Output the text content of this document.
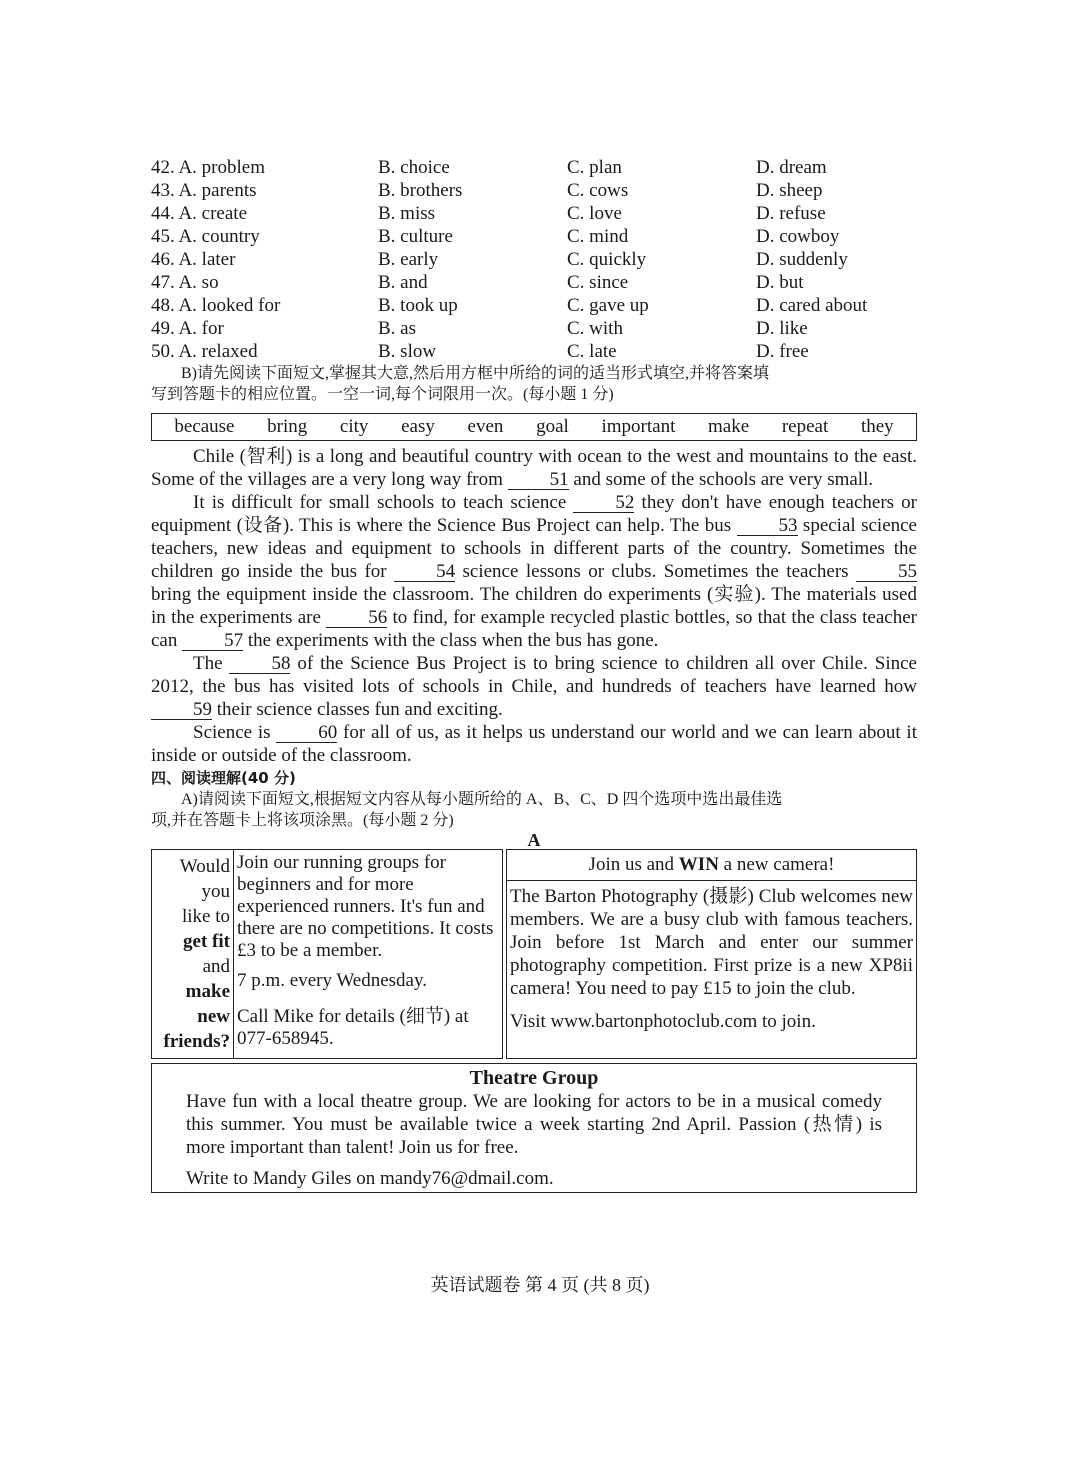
42. A. problem	B. choice	C. plan	D. dream
43. A. parents	B. brothers	C. cows	D. sheep
44. A. create	B. miss	C. love	D. refuse
45. A. country	B. culture	C. mind	D. cowboy
46. A. later	B. early	C. quickly	D. suddenly
47. A. so	B. and	C. since	D. but
48. A. looked for	B. took up	C. gave up	D. cared about
49. A. for	B. as	C. with	D. like
50. A. relaxed	B. slow	C. late	D. free
B)请先阅读下面短文,掌握其大意,然后用方框中所给的词的适当形式填空,并将答案填
写到答题卡的相应位置。一空一词,每个词限用一次。(每小题 1 分)
because bring city easy even goal important make repeat they
Chile (智利) is a long and beautiful country with ocean to the west and mountains to the east. Some of the villages are a very long way from 51 and some of the schools are very small.
It is difficult for small schools to teach science 52 they don't have enough teachers or equipment (设备). This is where the Science Bus Project can help. The bus 53 special science teachers, new ideas and equipment to schools in different parts of the country. Sometimes the children go inside the bus for 54 science lessons or clubs. Sometimes the teachers 55 bring the equipment inside the classroom. The children do experiments (实验). The materials used in the experiments are 56 to find, for example recycled plastic bottles, so that the class teacher can 57 the experiments with the class when the bus has gone.
The 58 of the Science Bus Project is to bring science to children all over Chile. Since 2012, the bus has visited lots of schools in Chile, and hundreds of teachers have learned how 59 their science classes fun and exciting.
Science is 60 for all of us, as it helps us understand our world and we can learn about it inside or outside of the classroom.
四、阅读理解(40 分)
A)请阅读下面短文,根据短文内容从每小题所给的 A、B、C、D 四个选项中选出最佳选
项,并在答题卡上将该项涂黑。(每小题 2 分)
A
Would
you
like to
get fit
and
make
new
friends?

Join our running groups for beginners and for more experienced runners. It's fun and there are no competitions. It costs £3 to be a member.

7 p.m. every Wednesday.

Call Mike for details (细节) at 077-658945.

Join us and WIN a new camera!

The Barton Photography (摄影) Club welcomes new members. We are a busy club with famous teachers. Join before 1st March and enter our summer photography competition. First prize is a new XP8ii camera! You need to pay £15 to join the club.

Visit www.bartonphotoclub.com to join.

Theatre Group
Have fun with a local theatre group. We are looking for actors to be in a musical comedy this summer. You must be available twice a week starting 2nd April. Passion (热情) is more important than talent! Join us for free.
Write to Mandy Giles on mandy76@dmail.com.
英语试题卷 第 4 页 (共 8 页)
